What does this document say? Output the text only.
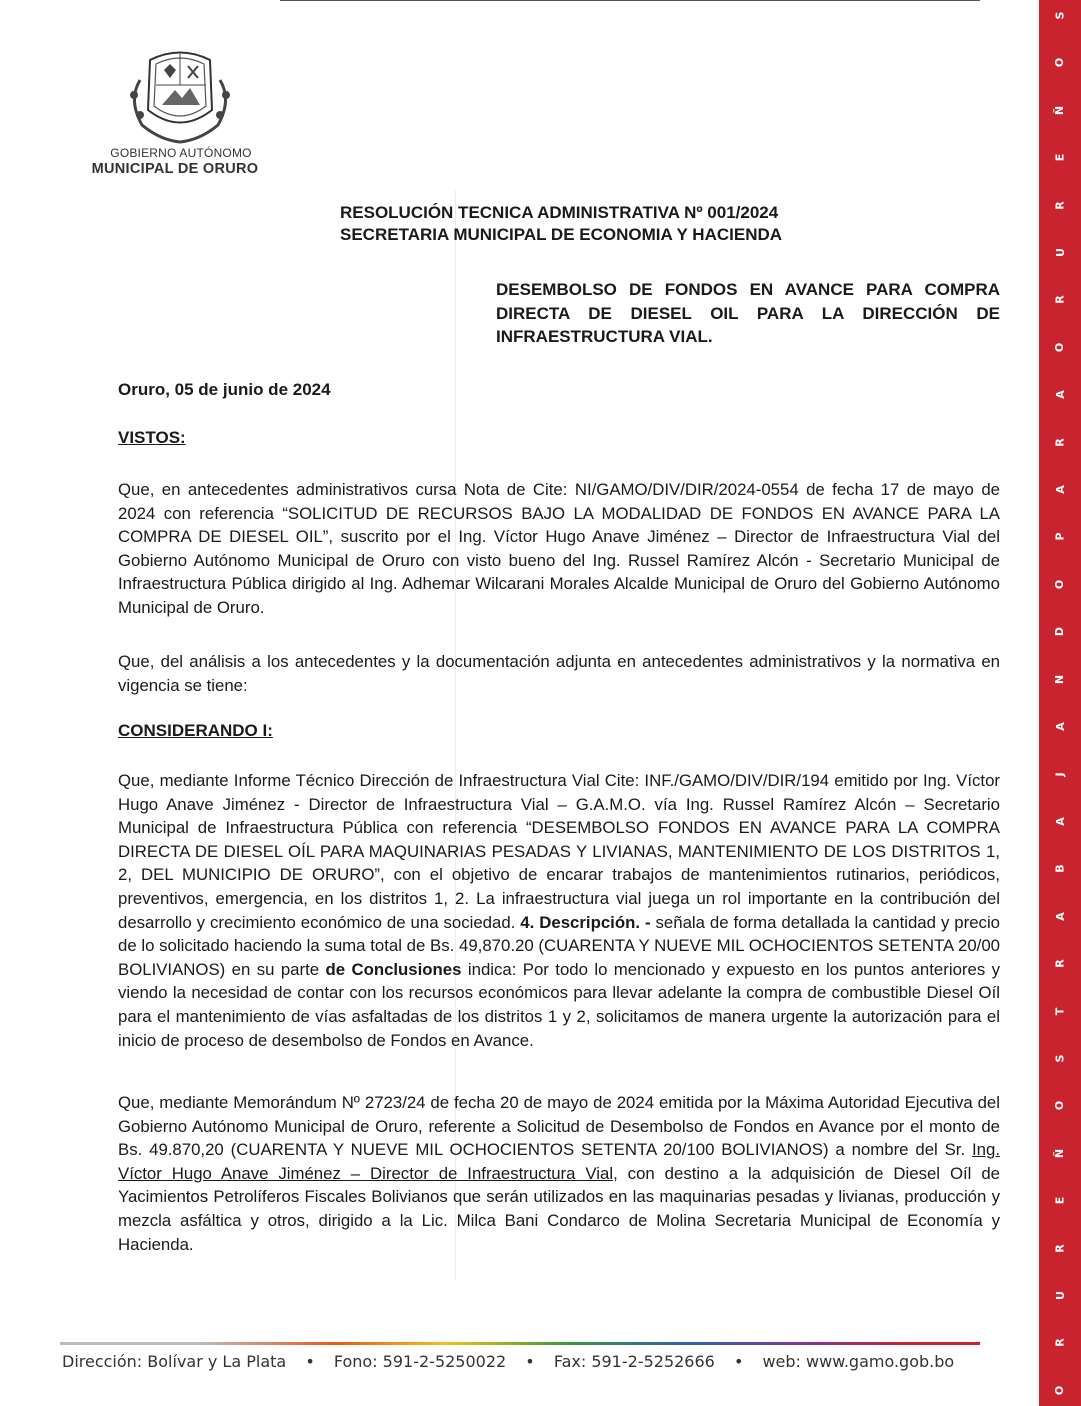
GOBIERNO AUTÓNOMO
MUNICIPAL DE ORURO
S
O
Ñ
E
R
U
R
O
A
R
A
P
O
D
N
A
J
A
B
A
R
T
S
O
Ñ
E
R
U
R
O
RESOLUCIÓN TECNICA ADMINISTRATIVA Nº 001/2024
SECRETARIA MUNICIPAL DE ECONOMIA Y HACIENDA
DESEMBOLSO DE FONDOS EN AVANCE PARA COMPRA DIRECTA DE DIESEL OIL PARA LA DIRECCIÓN DE INFRAESTRUCTURA VIAL.
Oruro, 05 de junio de 2024
VISTOS:

Que, en antecedentes administrativos cursa Nota de Cite: NI/GAMO/DIV/DIR/2024-0554 de fecha 17 de mayo de 2024 con referencia “SOLICITUD DE RECURSOS BAJO LA MODALIDAD DE FONDOS EN AVANCE PARA LA COMPRA DE DIESEL OIL”, suscrito por el Ing. Víctor Hugo Anave Jiménez – Director de Infraestructura Vial del Gobierno Autónomo Municipal de Oruro con visto bueno del Ing. Russel Ramírez Alcón - Secretario Municipal de Infraestructura Pública dirigido al Ing. Adhemar Wilcarani Morales Alcalde Municipal de Oruro del Gobierno Autónomo Municipal de Oruro.

Que, del análisis a los antecedentes y la documentación adjunta en antecedentes administrativos y la normativa en vigencia se tiene:

CONSIDERANDO I:

Que, mediante Informe Técnico Dirección de Infraestructura Vial Cite: INF./GAMO/DIV/DIR/194 emitido por Ing. Víctor Hugo Anave Jiménez - Director de Infraestructura Vial – G.A.M.O. vía Ing. Russel Ramírez Alcón – Secretario Municipal de Infraestructura Pública con referencia “DESEMBOLSO FONDOS EN AVANCE PARA LA COMPRA DIRECTA DE DIESEL OÍL PARA MAQUINARIAS PESADAS Y LIVIANAS, MANTENIMIENTO DE LOS DISTRITOS 1, 2, DEL MUNICIPIO DE ORURO”, con el objetivo de encarar trabajos de mantenimientos rutinarios, periódicos, preventivos, emergencia, en los distritos 1, 2. La infraestructura vial juega un rol importante en la contribución del desarrollo y crecimiento económico de una sociedad. 4. Descripción. - señala de forma detallada la cantidad y precio de lo solicitado haciendo la suma total de Bs. 49,870.20 (CUARENTA Y NUEVE MIL OCHOCIENTOS SETENTA 20/00 BOLIVIANOS) en su parte de Conclusiones indica: Por todo lo mencionado y expuesto en los puntos anteriores y viendo la necesidad de contar con los recursos económicos para llevar adelante la compra de combustible Diesel Oíl para el mantenimiento de vías asfaltadas de los distritos 1 y 2, solicitamos de manera urgente la autorización para el inicio de proceso de desembolso de Fondos en Avance.

Que, mediante Memorándum Nº 2723/24 de fecha 20 de mayo de 2024 emitida por la Máxima Autoridad Ejecutiva del Gobierno Autónomo Municipal de Oruro, referente a Solicitud de Desembolso de Fondos en Avance por el monto de Bs. 49.870,20 (CUARENTA Y NUEVE MIL OCHOCIENTOS SETENTA 20/100 BOLIVIANOS) a nombre del Sr. Ing. Víctor Hugo Anave Jiménez – Director de Infraestructura Vial, con destino a la adquisición de Diesel Oíl de Yacimientos Petrolíferos Fiscales Bolivianos que serán utilizados en las maquinarias pesadas y livianas, producción y mezcla asfáltica y otros, dirigido a la Lic. Milca Bani Condarco de Molina Secretaria Municipal de Economía y Hacienda.

Dirección: Bolívar y La Plata • Fono: 591-2-5250022 • Fax: 591-2-5252666 • web: www.gamo.gob.bo
